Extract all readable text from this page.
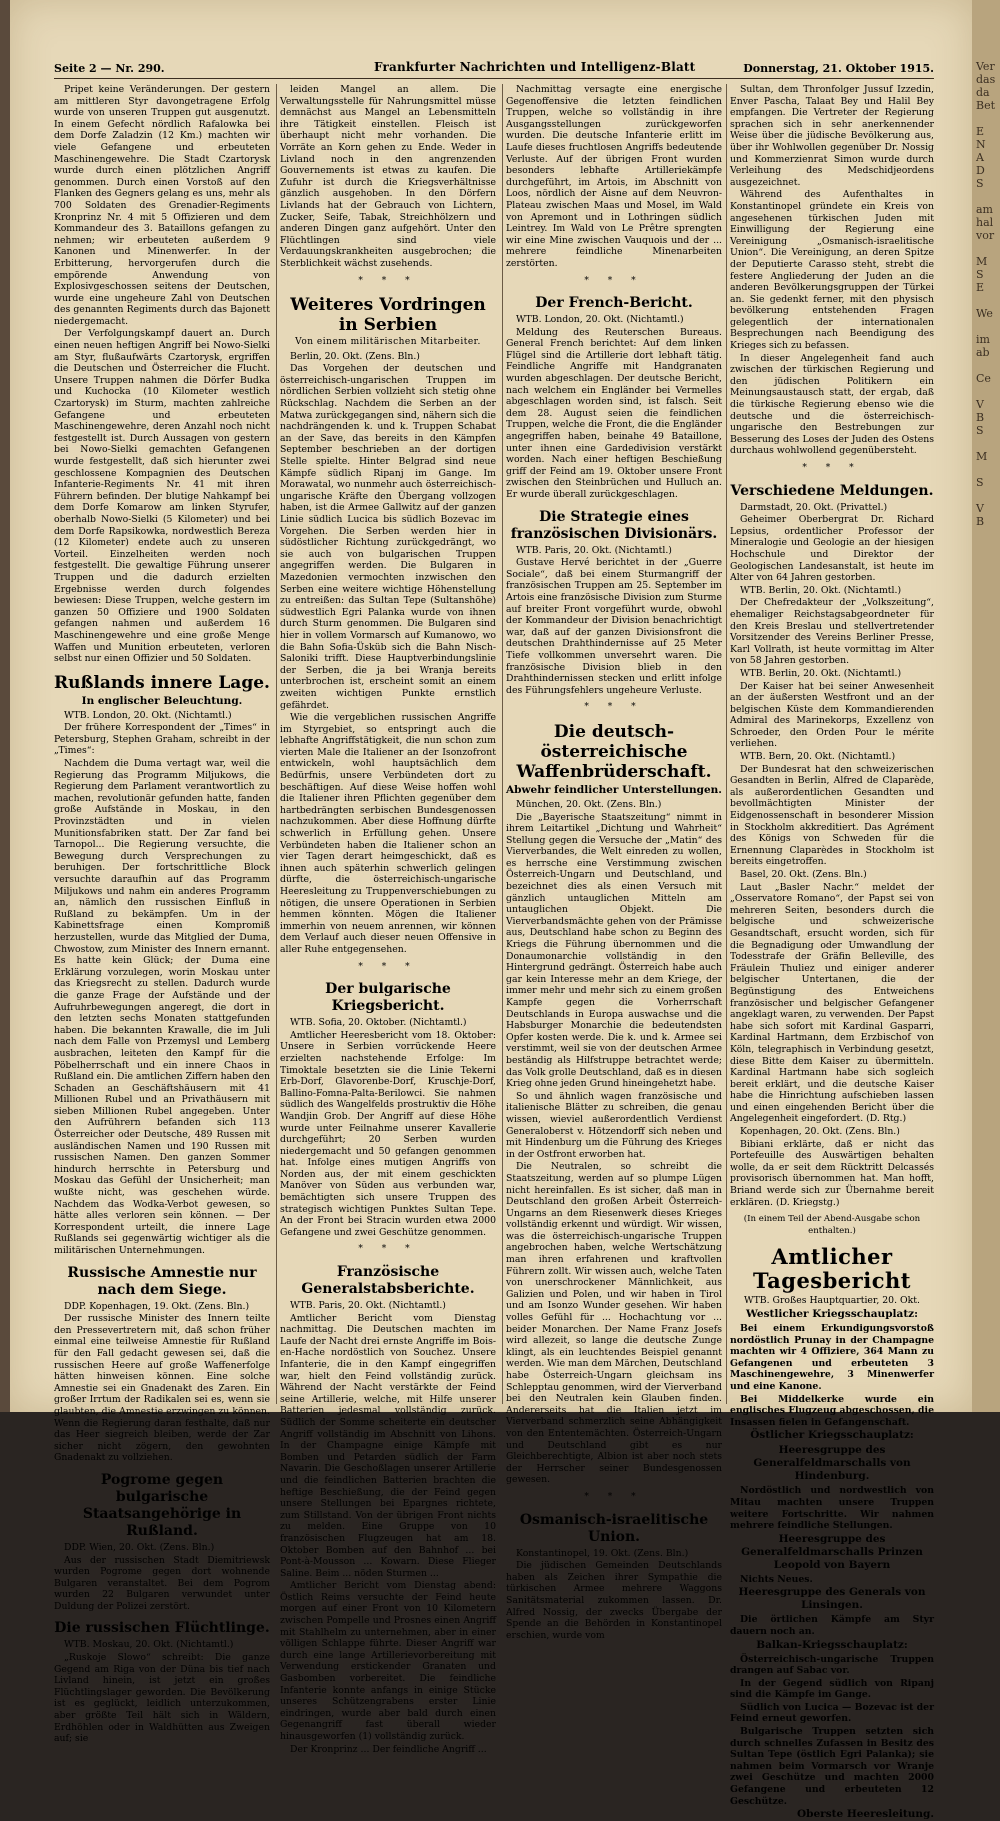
Ver
das
da
Bet

E
N
A
D
S

am
hal
vor

M
S
E

We

im
ab

Ce

V
B
S

M

S

V
B
Seite 2 — Nr. 290.	Frankfurter Nachrichten und Intelligenz-Blatt	Donnerstag, 21. Oktober 1915.

Pripet keine Veränderungen. Der gestern am mittleren Styr davongetragene Erfolg wurde von unseren Truppen gut ausgenutzt. In einem Gefecht nördlich Rafalowka bei dem Dorfe Zaladzin (12 Km.) machten wir viele Gefangene und erbeuteten Maschinengewehre. Die Stadt Czartorysk wurde durch einen plötzlichen Angriff genommen. Durch einen Vorstoß auf den Flanken des Gegners gelang es uns, mehr als 700 Soldaten des Grenadier-Regiments Kronprinz Nr. 4 mit 5 Offizieren und dem Kommandeur des 3. Bataillons gefangen zu nehmen; wir erbeuteten außerdem 9 Kanonen und Minenwerfer. In der Erbitterung, hervorgerufen durch die empörende Anwendung von Explosivgeschossen seitens der Deutschen, wurde eine ungeheure Zahl von Deutschen des genannten Regiments durch das Bajonett niedergemacht.

Der Verfolgungskampf dauert an. Durch einen neuen heftigen Angriff bei Nowo-Sielki am Styr, flußaufwärts Czartorysk, ergriffen die Deutschen und Österreicher die Flucht. Unsere Truppen nahmen die Dörfer Budka und Kuchocka (10 Kilometer westlich Czartorysk) im Sturm, machten zahlreiche Gefangene und erbeuteten Maschinengewehre, deren Anzahl noch nicht festgestellt ist. Durch Aussagen von gestern bei Nowo-Sielki gemachten Gefangenen wurde festgestellt, daß sich hierunter zwei geschlossene Kompagnien des Deutschen Infanterie-Regiments Nr. 41 mit ihren Führern befinden. Der blutige Nahkampf bei dem Dorfe Komarow am linken Styrufer, oberhalb Nowo-Sielki (5 Kilometer) und bei dem Dorfe Rapsikowka, nordwestlich Bereza (12 Kilometer) endete auch zu unseren Vorteil. Einzelheiten werden noch festgestellt. Die gewaltige Führung unserer Truppen und die dadurch erzielten Ergebnisse werden durch folgendes bewiesen: Diese Truppen, welche gestern im ganzen 50 Offiziere und 1900 Soldaten gefangen nahmen und außerdem 16 Maschinengewehre und eine große Menge Waffen und Munition erbeuteten, verloren selbst nur einen Offizier und 50 Soldaten.

Rußlands innere Lage.
In englischer Beleuchtung.
WTB. London, 20. Okt. (Nichtamtl.)

Der frühere Korrespondent der „Times“ in Petersburg, Stephen Graham, schreibt in der „Times“:

Nachdem die Duma vertagt war, weil die Regierung das Programm Miljukows, die Regierung dem Parlament verantwortlich zu machen, revolutionär gefunden hatte, fanden große Aufstände in Moskau, in den Provinzstädten und in vielen Munitionsfabriken statt. Der Zar fand bei Tarnopol... Die Regierung versuchte, die Bewegung durch Versprechungen zu beruhigen. Der fortschrittliche Block versuchte daraufhin auf das Programm Miljukows und nahm ein anderes Programm an, nämlich den russischen Einfluß in Rußland zu bekämpfen. Um in der Kabinettsfrage einen Kompromiß herzustellen, wurde das Mitglied der Duma, Chwostow, zum Minister des Innern ernannt. Es hatte kein Glück; der Duma eine Erklärung vorzulegen, worin Moskau unter das Kriegsrecht zu stellen. Dadurch wurde die ganze Frage der Aufstände und der Aufruhrbewegungen angeregt, die dort in den letzten sechs Monaten stattgefunden haben. Die bekannten Krawalle, die im Juli nach dem Falle von Przemysl und Lemberg ausbrachen, leiteten den Kampf für die Pöbelherrschaft und ein innere Chaos in Rußland ein. Die amtlichen Ziffern haben den Schaden an Geschäftshäusern mit 41 Millionen Rubel und an Privathäusern mit sieben Millionen Rubel angegeben. Unter den Aufrührern befanden sich 113 Österreicher oder Deutsche, 489 Russen mit ausländischen Namen und 190 Russen mit russischen Namen. Den ganzen Sommer hindurch herrschte in Petersburg und Moskau das Gefühl der Unsicherheit; man wußte nicht, was geschehen würde. Nachdem das Wodka-Verbot gewesen, so hätte alles verloren sein können. — Der Korrespondent urteilt, die innere Lage Rußlands sei gegenwärtig wichtiger als die militärischen Unternehmungen.

Russische Amnestie nur nach dem Siege.
DDP. Kopenhagen, 19. Okt. (Zens. Bln.)

Der russische Minister des Innern teilte den Pressevertretern mit, daß schon früher einmal eine teilweise Amnestie für Rußland für den Fall gedacht gewesen sei, daß die russischen Heere auf große Waffenerfolge hätten hinweisen können. Eine solche Amnestie sei ein Gnadenakt des Zaren. Ein großer Irrtum der Radikalen sei es, wenn sie glaubten, die Amnestie erzwingen zu können. Wenn die Regierung daran festhalte, daß nur das Heer siegreich bleiben, werde der Zar sicher nicht zögern, den gewohnten Gnadenakt zu vollziehen.

Pogrome gegen bulgarische Staatsangehörige in Rußland.
DDP. Wien, 20. Okt. (Zens. Bln.)

Aus der russischen Stadt Diemitriewsk wurden Pogrome gegen dort wohnende Bulgaren veranstaltet. Bei dem Pogrom wurden 22 Bulgaren verwundet unter Duldung der Polizei zerstört.

Die russischen Flüchtlinge.
WTB. Moskau, 20. Okt. (Nichtamtl.)

„Ruskoje Slowo“ schreibt: Die ganze Gegend am Riga von der Düna bis tief nach Livland hinein, ist jetzt ein großes Flüchtlingslager geworden. Die Bevölkerung ist es geglückt, leidlich unterzukommen, aber größte Teil hält sich in Wäldern, Erdhöhlen oder in Waldhütten aus Zweigen auf; sie

leiden Mangel an allem. Die Verwaltungsstelle für Nahrungsmittel müsse demnächst aus Mangel an Lebensmitteln ihre Tätigkeit einstellen. Fleisch ist überhaupt nicht mehr vorhanden. Die Vorräte an Korn gehen zu Ende. Weder in Livland noch in den angrenzenden Gouvernements ist etwas zu kaufen. Die Zufuhr ist durch die Kriegsverhältnisse gänzlich ausgehoben. In den Dörfern Livlands hat der Gebrauch von Lichtern, Zucker, Seife, Tabak, Streichhölzern und anderen Dingen ganz aufgehört. Unter den Flüchtlingen sind viele Verdauungskrankheiten ausgebrochen; die Sterblichkeit wächst zusehends.

* * *
Weiteres Vordringen in Serbien
Von einem militärischen Mitarbeiter.
Berlin, 20. Okt. (Zens. Bln.)

Das Vorgehen der deutschen und österreichisch-ungarischen Truppen im nördlichen Serbien vollzieht sich stetig ohne Rückschlag. Nachdem die Serben an der Matwa zurückgegangen sind, nähern sich die nachdrängenden k. und k. Truppen Schabat an der Save, das bereits in den Kämpfen September beschrieben an der dortigen Stelle spielte. Hinter Belgrad sind neue Kämpfe südlich Ripanj im Gange. Im Morawatal, wo nunmehr auch österreichisch-ungarische Kräfte den Übergang vollzogen haben, ist die Armee Gallwitz auf der ganzen Linie südlich Lucica bis südlich Bozevac im Vorgehen. Die Serben werden hier in südöstlicher Richtung zurückgedrängt, wo sie auch von bulgarischen Truppen angegriffen werden. Die Bulgaren in Mazedonien vermochten inzwischen den Serben eine weitere wichtige Höhenstellung zu entreißen: das Sultan Tepe (Sultanshöhe) südwestlich Egri Palanka wurde von ihnen durch Sturm genommen. Die Bulgaren sind hier in vollem Vormarsch auf Kumanowo, wo die Bahn Sofia-Üsküb sich die Bahn Nisch-Saloniki trifft. Diese Hauptverbindungslinie der Serben, die ja bei Wranja bereits unterbrochen ist, erscheint somit an einem zweiten wichtigen Punkte ernstlich gefährdet.

Wie die vergeblichen russischen Angriffe im Styrgebiet, so entspringt auch die lebhafte Angriffstätigkeit, die nun schon zum vierten Male die Italiener an der Isonzofront entwickeln, wohl hauptsächlich dem Bedürfnis, unsere Verbündeten dort zu beschäftigen. Auf diese Weise hoffen wohl die Italiener ihren Pflichten gegenüber dem hartbedrängten serbischen Bundesgenossen nachzukommen. Aber diese Hoffnung dürfte schwerlich in Erfüllung gehen. Unsere Verbündeten haben die Italiener schon an vier Tagen derart heimgeschickt, daß es ihnen auch späterhin schwerlich gelingen dürfte, die österreichisch-ungarische Heeresleitung zu Truppenverschiebungen zu nötigen, die unsere Operationen in Serbien hemmen könnten. Mögen die Italiener immerhin von neuem anrennen, wir können dem Verlauf auch dieser neuen Offensive in aller Ruhe entgegensehen.

* * *
Der bulgarische Kriegsbericht.
WTB. Sofia, 20. Oktober. (Nichtamtl.)

Amtlicher Heeresbericht vom 18. Oktober: Unsere in Serbien vorrückende Heere erzielten nachstehende Erfolge: Im Timoktale besetzten sie die Linie Tekerni Erb-Dorf, Glavorenbe-Dorf, Kruschje-Dorf, Ballino-Fomna-Palta-Berilowci. Sie nahmen südlich des Wangelfelds prostruktiv die Höhe Wandjin Grob. Der Angriff auf diese Höhe wurde unter Feilnahme unserer Kavallerie durchgeführt; 20 Serben wurden niedergemacht und 50 gefangen genommen hat. Infolge eines mutigen Angriffs von Norden aus, der mit einem geschickten Manöver von Süden aus verbunden war, bemächtigten sich unsere Truppen des strategisch wichtigen Punktes Sultan Tepe. An der Front bei Stracin wurden etwa 2000 Gefangene und zwei Geschütze genommen.

* * *
Französische Generalstabsberichte.
WTB. Paris, 20. Okt. (Nichtamtl.)

Amtlicher Bericht vom Dienstag nachmittag. Die Deutschen machten im Laufe der Nacht drei ernste Angriffe im Bois-en-Hache nordöstlich von Souchez. Unsere Infanterie, die in den Kampf eingegriffen war, hielt den Feind vollständig zurück. Während der Nacht verstärkte der Feind seine Artillerie, welche, mit Hilfe unserer Batterien jedesmal vollständig zurück. Südlich der Somme scheiterte ein deutscher Angriff vollständig im Abschnitt von Lihons. In der Champagne einige Kämpfe mit Bomben und Petarden südlich der Farm Navarin. Die Geschoßlagen unserer Artillerie und die feindlichen Batterien brachten die heftige Beschießung, die der Feind gegen unsere Stellungen bei Epargnes richtete, zum Stillstand. Von der übrigen Front nichts zu melden. Eine Gruppe von 10 französischen Flugzeugen hat am 18. Oktober Bomben auf den Bahnhof ... bei Pont-à-Mousson ... Kowarn. Diese Flieger Saline. Beim ... nöden Sturmen ...

Amtlicher Bericht vom Dienstag abend: Östlich Reims versuchte der Feind heute morgen auf einer Front von 10 Kilometern zwischen Pompelle und Prosnes einen Angriff mit Stahlhelm zu unternehmen, aber in einer völligen Schlappe führte. Dieser Angriff war durch eine lange Artillerievorbereitung mit Verwendung erstickender Granaten und Gasbomben vorbereitet. Die feindliche Infanterie konnte anfangs in einige Stücke unseres Schützengrabens erster Linie eindringen, wurde aber bald durch einen Gegenangriff fast überall wieder hinausgeworfen (1) vollständig zurück.

Der Kronprinz ... Der feindliche Angriff ...

Nachmittag versagte eine energische Gegenoffensive die letzten feindlichen Truppen, welche so vollständig in ihre Ausgangsstellungen zurückgeworfen wurden. Die deutsche Infanterie erlitt im Laufe dieses fruchtlosen Angriffs bedeutende Verluste. Auf der übrigen Front wurden besonders lebhafte Artilleriekämpfe durchgeführt, im Artois, im Abschnitt von Loos, nördlich der Aisne auf dem Neuvron-Plateau zwischen Maas und Mosel, im Wald von Apremont und in Lothringen südlich Leintrey. Im Wald von Le Prêtre sprengten wir eine Mine zwischen Vauquois und der ... mehrere feindliche Minenarbeiten zerstörten.

* * *
Der French-Bericht.
WTB. London, 20. Okt. (Nichtamtl.)

Meldung des Reuterschen Bureaus. General French berichtet: Auf dem linken Flügel sind die Artillerie dort lebhaft tätig. Feindliche Angriffe mit Handgranaten wurden abgeschlagen. Der deutsche Bericht, nach welchem ein Engländer bei Vermelles abgeschlagen worden sind, ist falsch. Seit dem 28. August seien die feindlichen Truppen, welche die Front, die die Engländer angegriffen haben, beinahe 49 Bataillone, unter ihnen eine Gardedivision verstärkt worden. Nach einer heftigen Beschießung griff der Feind am 19. Oktober unsere Front zwischen den Steinbrüchen und Hulluch an. Er wurde überall zurückgeschlagen.

Die Strategie eines französischen Divisionärs.
WTB. Paris, 20. Okt. (Nichtamtl.)

Gustave Hervé berichtet in der „Guerre Sociale“, daß bei einem Sturmangriff der französischen Truppen am 25. September im Artois eine französische Division zum Sturme auf breiter Front vorgeführt wurde, obwohl der Kommandeur der Division benachrichtigt war, daß auf der ganzen Divisionsfront die deutschen Drahthindernisse auf 25 Meter Tiefe vollkommen unversehrt waren. Die französische Division blieb in den Drahthindernissen stecken und erlitt infolge des Führungsfehlers ungeheure Verluste.

* * *
Die deutsch-österreichische Waffenbrüderschaft.
Abwehr feindlicher Unterstellungen.
München, 20. Okt. (Zens. Bln.)

Die „Bayerische Staatszeitung“ nimmt in ihrem Leitartikel „Dichtung und Wahrheit“ Stellung gegen die Versuche der „Matin“ des Vierverbandes, die Welt einreden zu wollen, es herrsche eine Verstimmung zwischen Österreich-Ungarn und Deutschland, und bezeichnet dies als einen Versuch mit gänzlich untauglichen Mitteln am untauglichen Objekt. Die Vierverbandsmächte gehen von der Prämisse aus, Deutschland habe schon zu Beginn des Kriegs die Führung übernommen und die Donaumonarchie vollständig in den Hintergrund gedrängt. Österreich habe auch gar kein Interesse mehr an dem Kriege, der immer mehr und mehr sich zu einem großen Kampfe gegen die Vorherrschaft Deutschlands in Europa auswachse und die Habsburger Monarchie die bedeutendsten Opfer kosten werde. Die k. und k. Armee sei verstimmt, weil sie von der deutschen Armee beständig als Hilfstruppe betrachtet werde; das Volk grolle Deutschland, daß es in diesen Krieg ohne jeden Grund hineingehetzt habe.

So und ähnlich wagen französische und italienische Blätter zu schreiben, die genau wissen, wieviel außerordentlich Verdienst Generaloberst v. Hötzendorff sich neben und mit Hindenburg um die Führung des Krieges in der Ostfront erworben hat.

Die Neutralen, so schreibt die Staatszeitung, werden auf so plumpe Lügen nicht hereinfallen. Es ist sicher, daß man in Deutschland den großen Arbeit Österreich-Ungarns an dem Riesenwerk dieses Krieges vollständig erkennt und würdigt. Wir wissen, was die österreichisch-ungarische Truppen angebrochen haben, welche Wertschätzung man ihren erfahrenen und kraftvollen Führern zollt. Wir wissen auch, welche Taten von unerschrockener Männlichkeit, aus Galizien und Polen, und wir haben in Tirol und am Isonzo Wunder gesehen. Wir haben volles Gefühl für ... Hochachtung vor ... beider Monarchen. Der Name Franz Josefs wird allezeit, so lange die deutsche Zunge klingt, als ein leuchtendes Beispiel genannt werden. Wie man dem Märchen, Deutschland habe Österreich-Ungarn gleichsam ins Schlepptau genommen, wird der Vierverband bei den Neutralen kein Glauben finden. Andererseits hat die Italien jetzt im Vierverband schmerzlich seine Abhängigkeit von den Ententemächten. Österreich-Ungarn und Deutschland gibt es nur Gleichberechtigte, Albion ist aber noch stets der Herrscher seiner Bundesgenossen gewesen.

* * *
Osmanisch-israelitische Union.
Konstantinopel, 19. Okt. (Zens. Bln.)

Die jüdischen Gemeinden Deutschlands haben als Zeichen ihrer Sympathie die türkischen Armee mehrere Waggons Sanitätsmaterial zukommen lassen. Dr. Alfred Nossig, der zwecks Übergabe der Spende an die Behörden in Konstantinopel erschien, wurde vom

Sultan, dem Thronfolger Jussuf Izzedin, Enver Pascha, Talaat Bey und Halil Bey empfangen. Die Vertreter der Regierung sprachen sich in sehr anerkennender Weise über die jüdische Bevölkerung aus, über ihr Wohlwollen gegenüber Dr. Nossig und Kommerzienrat Simon wurde durch Verleihung des Medschidjeordens ausgezeichnet.

Während des Aufenthaltes in Konstantinopel gründete ein Kreis von angesehenen türkischen Juden mit Einwilligung der Regierung eine Vereinigung „Osmanisch-israelitische Union“. Die Vereinigung, an deren Spitze der Deputierte Carasso steht, strebt die festere Angliederung der Juden an die anderen Bevölkerungsgruppen der Türkei an. Sie gedenkt ferner, mit den physisch bevölkerung entstehenden Fragen gelegentlich der internationalen Besprechungen nach Beendigung des Krieges sich zu befassen.

In dieser Angelegenheit fand auch zwischen der türkischen Regierung und den jüdischen Politikern ein Meinungsaustausch statt, der ergab, daß die türkische Regierung ebenso wie die deutsche und die österreichisch-ungarische den Bestrebungen zur Besserung des Loses der Juden des Ostens durchaus wohlwollend gegenübersteht.

* * *
Verschiedene Meldungen.
Darmstadt, 20. Okt. (Privattel.)

Geheimer Oberbergrat Dr. Richard Lepsius, ordentlicher Professor der Mineralogie und Geologie an der hiesigen Hochschule und Direktor der Geologischen Landesanstalt, ist heute im Alter von 64 Jahren gestorben.

WTB. Berlin, 20. Okt. (Nichtamtl.)

Der Chefredakteur der „Volkszeitung“, ehemaliger Reichstagsabgeordneter für den Kreis Breslau und stellvertretender Vorsitzender des Vereins Berliner Presse, Karl Vollrath, ist heute vormittag im Alter von 58 Jahren gestorben.

WTB. Berlin, 20. Okt. (Nichtamtl.)

Der Kaiser hat bei seiner Anwesenheit an der äußersten Westfront und an der belgischen Küste dem Kommandierenden Admiral des Marinekorps, Exzellenz von Schroeder, den Orden Pour le mérite verliehen.

WTB. Bern, 20. Okt. (Nichtamtl.)

Der Bundesrat hat den schweizerischen Gesandten in Berlin, Alfred de Claparède, als außerordentlichen Gesandten und bevollmächtigten Minister der Eidgenossenschaft in besonderer Mission in Stockholm akkreditiert. Das Agrément des Königs von Schweden für die Ernennung Claparèdes in Stockholm ist bereits eingetroffen.

Basel, 20. Okt. (Zens. Bln.)

Laut „Basler Nachr.“ meldet der „Osservatore Romano“, der Papst sei von mehreren Seiten, besonders durch die belgische und schweizerische Gesandtschaft, ersucht worden, sich für die Begnadigung oder Umwandlung der Todesstrafe der Gräfin Belleville, des Fräulein Thuliez und einiger anderer belgischer Untertanen, die der Begünstigung des Entweichens französischer und belgischer Gefangener angeklagt waren, zu verwenden. Der Papst habe sich sofort mit Kardinal Gasparri, Kardinal Hartmann, dem Erzbischof von Köln, telegraphisch in Verbindung gesetzt, diese Bitte dem Kaiser zu übermitteln. Kardinal Hartmann habe sich sogleich bereit erklärt, und die deutsche Kaiser habe die Hinrichtung aufschieben lassen und einen eingehenden Bericht über die Angelegenheit eingefordert. (D. Rtg.)

Kopenhagen, 20. Okt. (Zens. Bln.)

Bibiani erklärte, daß er nicht das Portefeuille des Auswärtigen behalten wolle, da er seit dem Rücktritt Delcassés provisorisch übernommen hat. Man hofft, Briand werde sich zur Übernahme bereit erklären. (D. Kriegstg.)

(In einem Teil der Abend-Ausgabe schon enthalten.)
Amtlicher Tagesbericht
WTB. Großes Hauptquartier, 20. Okt.
Westlicher Kriegsschauplatz:

Bei einem Erkundigungsvorstoß nordöstlich Prunay in der Champagne machten wir 4 Offiziere, 364 Mann zu Gefangenen und erbeuteten 3 Maschinengewehre, 3 Minenwerfer und eine Kanone.

Bei Middelkerke wurde ein englisches Flugzeug abgeschossen, die Insassen fielen in Gefangenschaft.

Östlicher Kriegsschauplatz:
Heeresgruppe des Generalfeldmarschalls von Hindenburg.

Nordöstlich und nordwestlich von Mitau machten unsere Truppen weitere Fortschritte. Wir nahmen mehrere feindliche Stellungen.

Heeresgruppe des Generalfeldmarschalls Prinzen Leopold von Bayern

Nichts Neues.

Heeresgruppe des Generals von Linsingen.

Die örtlichen Kämpfe am Styr dauern noch an.

Balkan-Kriegsschauplatz:

Österreichisch-ungarische Truppen drangen auf Sabac vor.

In der Gegend südlich von Ripanj sind die Kämpfe im Gange.

Südlich von Lucica — Bozevac ist der Feind erneut geworfen.

Bulgarische Truppen setzten sich durch schnelles Zufassen in Besitz des Sultan Tepe (östlich Egri Palanka); sie nahmen beim Vormarsch vor Wranje zwei Geschütze und machten 2000 Gefangene und erbeuteten 12 Geschütze.

Oberste Heeresleitung.
